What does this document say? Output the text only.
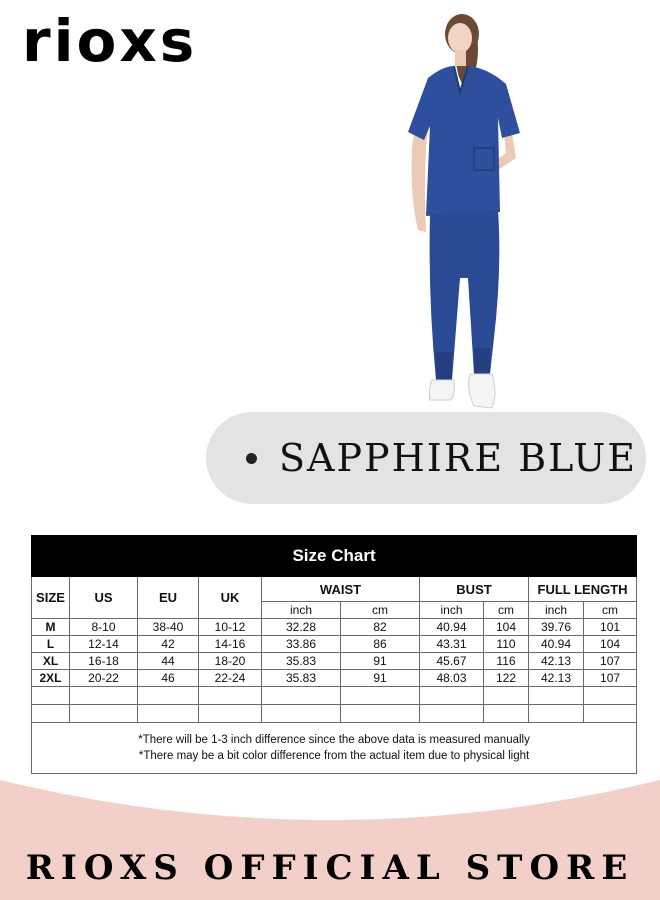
rioxs
SAPPHIRE BLUE
Size Chart									
SIZE	US	EU	UK	WAIST		BUST		FULL LENGTH	
				inch	cm	inch	cm	inch	cm
M	8-10	38-40	10-12	32.28	82	40.94	104	39.76	101
L	12-14	42	14-16	33.86	86	43.31	110	40.94	104
XL	16-18	44	18-20	35.83	91	45.67	116	42.13	107
2XL	20-22	46	22-24	35.83	91	48.03	122	42.13	107

*There will be 1-3 inch difference since the above data is measured manually
*There may be a bit color difference from the actual item due to physical light									
RIOXS OFFICIAL STORE
